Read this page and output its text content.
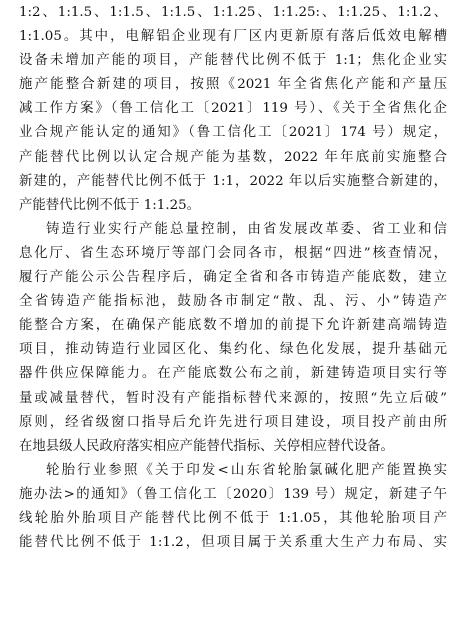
1:2、1:1.5、1:1.5、1:1.5、1:1.25、1:1.25:、1:1.25、1:1.2、
1:1.05。其中，电解铝企业现有厂区内更新原有落后低效电解槽
设备未增加产能的项目，产能替代比例不低于 1:1；焦化企业实
施产能整合新建的项目，按照《2021 年全省焦化产能和产量压
减工作方案》（鲁工信化工〔2021〕119 号）、《关于全省焦化企
业合规产能认定的通知》（鲁工信化工〔2021〕174 号）规定，
产能替代比例以认定合规产能为基数，2022 年年底前实施整合
新建的，产能替代比例不低于 1:1，2022 年以后实施整合新建的，
产能替代比例不低于 1:1.25。
铸造行业实行产能总量控制，由省发展改革委、省工业和信
息化厅、省生态环境厅等部门会同各市，根据“四进”核查情况，
履行产能公示公告程序后，确定全省和各市铸造产能底数，建立
全省铸造产能指标池，鼓励各市制定“散、乱、污、小”铸造产
能整合方案，在确保产能底数不增加的前提下允许新建高端铸造
项目，推动铸造行业园区化、集约化、绿色化发展，提升基础元
器件供应保障能力。在产能底数公布之前，新建铸造项目实行等
量或减量替代，暂时没有产能指标替代来源的，按照“先立后破”
原则，经省级窗口指导后允许先进行项目建设，项目投产前由所
在地县级人民政府落实相应产能替代指标、关停相应替代设备。
轮胎行业参照《关于印发<山东省轮胎氯碱化肥产能置换实
施办法>的通知》（鲁工信化工〔2020〕139 号）规定，新建子午
线轮胎外胎项目产能替代比例不低于 1:1.05，其他轮胎项目产
能替代比例不低于 1:1.2，但项目属于关系重大生产力布局、实
